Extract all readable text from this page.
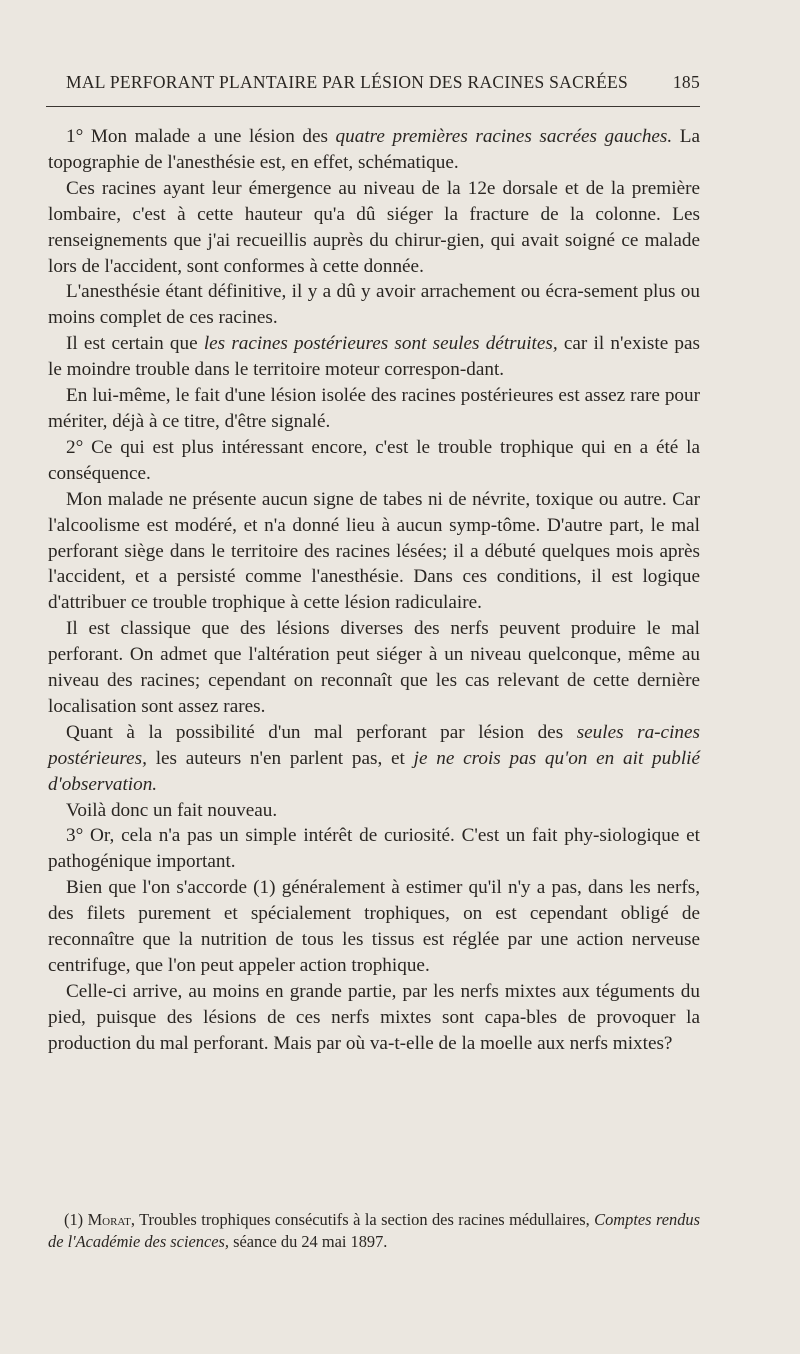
MAL PERFORANT PLANTAIRE PAR LÉSION DES RACINES SACRÉES	185

1° Mon malade a une lésion des quatre premières racines sacrées gauches. La topographie de l'anesthésie est, en effet, schématique.

Ces racines ayant leur émergence au niveau de la 12e dorsale et de la première lombaire, c'est à cette hauteur qu'a dû siéger la fracture de la colonne. Les renseignements que j'ai recueillis auprès du chirur-gien, qui avait soigné ce malade lors de l'accident, sont conformes à cette donnée.

L'anesthésie étant définitive, il y a dû y avoir arrachement ou écra-sement plus ou moins complet de ces racines.

Il est certain que les racines postérieures sont seules détruites, car il n'existe pas le moindre trouble dans le territoire moteur correspon-dant.

En lui-même, le fait d'une lésion isolée des racines postérieures est assez rare pour mériter, déjà à ce titre, d'être signalé.

2° Ce qui est plus intéressant encore, c'est le trouble trophique qui en a été la conséquence.

Mon malade ne présente aucun signe de tabes ni de névrite, toxique ou autre. Car l'alcoolisme est modéré, et n'a donné lieu à aucun symp-tôme. D'autre part, le mal perforant siège dans le territoire des racines lésées; il a débuté quelques mois après l'accident, et a persisté comme l'anesthésie. Dans ces conditions, il est logique d'attribuer ce trouble trophique à cette lésion radiculaire.

Il est classique que des lésions diverses des nerfs peuvent produire le mal perforant. On admet que l'altération peut siéger à un niveau quelconque, même au niveau des racines; cependant on reconnaît que les cas relevant de cette dernière localisation sont assez rares.

Quant à la possibilité d'un mal perforant par lésion des seules ra-cines postérieures, les auteurs n'en parlent pas, et je ne crois pas qu'on en ait publié d'observation.

Voilà donc un fait nouveau.

3° Or, cela n'a pas un simple intérêt de curiosité. C'est un fait phy-siologique et pathogénique important.

Bien que l'on s'accorde (1) généralement à estimer qu'il n'y a pas, dans les nerfs, des filets purement et spécialement trophiques, on est cependant obligé de reconnaître que la nutrition de tous les tissus est réglée par une action nerveuse centrifuge, que l'on peut appeler action trophique.

Celle-ci arrive, au moins en grande partie, par les nerfs mixtes aux téguments du pied, puisque des lésions de ces nerfs mixtes sont capa-bles de provoquer la production du mal perforant. Mais par où va-t-elle de la moelle aux nerfs mixtes?

(1) Morat, Troubles trophiques consécutifs à la section des racines médullaires, Comptes rendus de l'Académie des sciences, séance du 24 mai 1897.
